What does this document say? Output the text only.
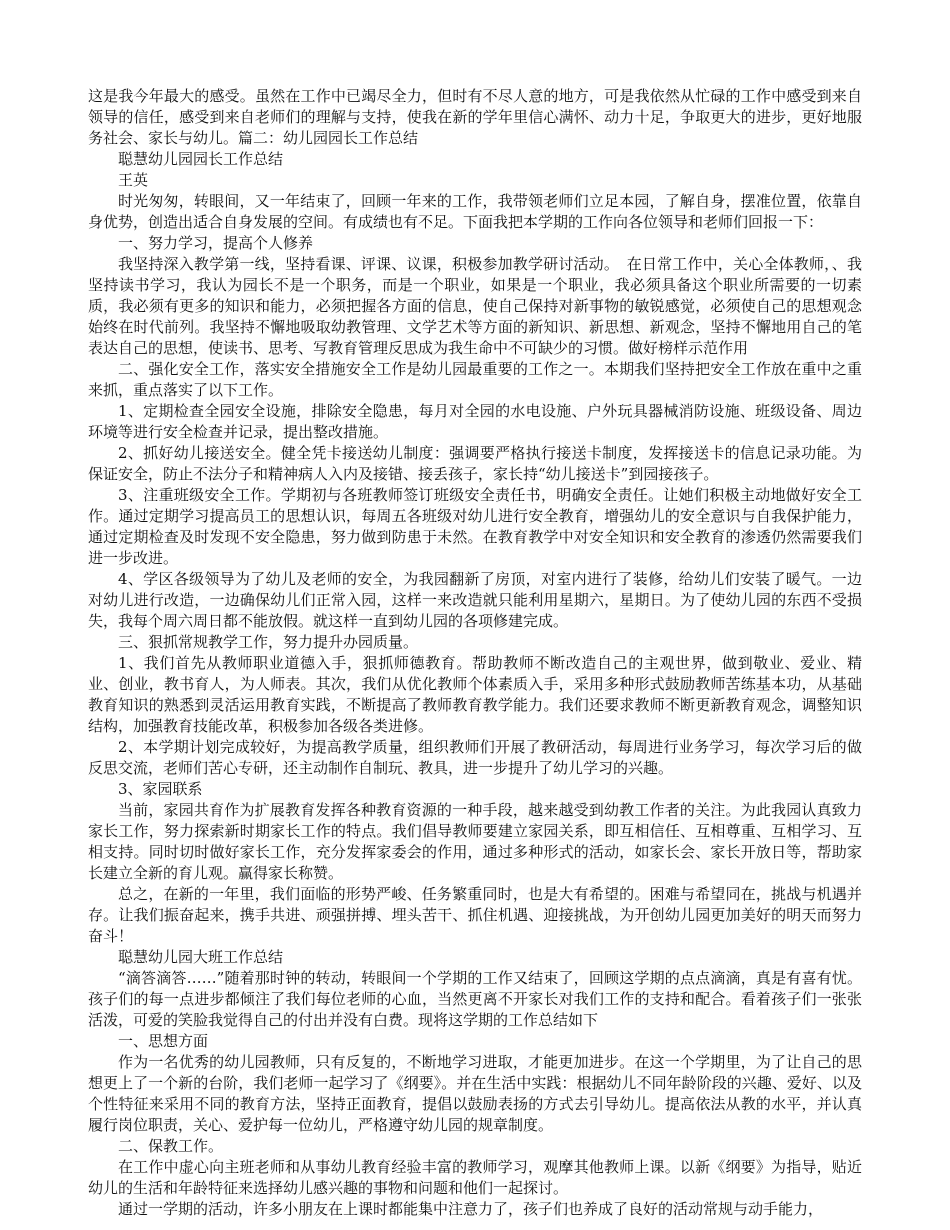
这是我今年最大的感受。虽然在工作中已竭尽全力，但时有不尽人意的地方，可是我依然从忙碌的工作中感受到来自领导的信任，感受到来自老师们的理解与支持，使我在新的学年里信心满怀、动力十足，争取更大的进步，更好地服务社会、家长与幼儿。篇二：幼儿园园长工作总结

聪慧幼儿园园长工作总结

王英

时光匆匆，转眼间，又一年结束了，回顾一年来的工作，我带领老师们立足本园，了解自身，摆准位置，依靠自身优势，创造出适合自身发展的空间。有成绩也有不足。下面我把本学期的工作向各位领导和老师们回报一下：

一、努力学习，提高个人修养

我坚持深入教学第一线，坚持看课、评课、议课，积极参加教学研讨活动。　在日常工作中，关心全体教师，、我坚持读书学习，我认为园长不是一个职务，而是一个职业，如果是一个职业，我必须具备这个职业所需要的一切素质，我必须有更多的知识和能力，必须把握各方面的信息，使自己保持对新事物的敏锐感觉，必须使自己的思想观念始终在时代前列。我坚持不懈地吸取幼教管理、文学艺术等方面的新知识、新思想、新观念，坚持不懈地用自己的笔表达自己的思想，使读书、思考、写教育管理反思成为我生命中不可缺少的习惯。做好榜样示范作用

二、强化安全工作，落实安全措施安全工作是幼儿园最重要的工作之一。本期我们坚持把安全工作放在重中之重来抓，重点落实了以下工作。

1、定期检查全园安全设施，排除安全隐患，每月对全园的水电设施、户外玩具器械消防设施、班级设备、周边环境等进行安全检查并记录，提出整改措施。

2、抓好幼儿接送安全。健全凭卡接送幼儿制度：强调要严格执行接送卡制度，发挥接送卡的信息记录功能。为保证安全，防止不法分子和精神病人入内及接错、接丢孩子，家长持“幼儿接送卡”到园接孩子。

3、注重班级安全工作。学期初与各班教师签订班级安全责任书，明确安全责任。让她们积极主动地做好安全工作。通过定期学习提高员工的思想认识，每周五各班级对幼儿进行安全教育，增强幼儿的安全意识与自我保护能力，通过定期检查及时发现不安全隐患，努力做到防患于未然。在教育教学中对安全知识和安全教育的渗透仍然需要我们进一步改进。

4、学区各级领导为了幼儿及老师的安全，为我园翻新了房顶，对室内进行了装修，给幼儿们安装了暖气。一边对幼儿进行改造，一边确保幼儿们正常入园，这样一来改造就只能利用星期六，星期日。为了使幼儿园的东西不受损失，我每个周六周日都不能放假。就这样一直到幼儿园的各项修建完成。

三、狠抓常规教学工作，努力提升办园质量。

1、我们首先从教师职业道德入手，狠抓师德教育。帮助教师不断改造自己的主观世界，做到敬业、爱业、精业、创业，教书育人，为人师表。其次，我们从优化教师个体素质入手，采用多种形式鼓励教师苦练基本功，从基础教育知识的熟悉到灵活运用教育实践，不断提高了教师教育教学能力。我们还要求教师不断更新教育观念，调整知识结构，加强教育技能改革，积极参加各级各类进修。

2、本学期计划完成较好，为提高教学质量，组织教师们开展了教研活动，每周进行业务学习，每次学习后的做反思交流，老师们苦心专研，还主动制作自制玩、教具，进一步提升了幼儿学习的兴趣。

3、家园联系

当前，家园共育作为扩展教育发挥各种教育资源的一种手段，越来越受到幼教工作者的关注。为此我园认真致力家长工作，努力探索新时期家长工作的特点。我们倡导教师要建立家园关系，即互相信任、互相尊重、互相学习、互相支持。同时切时做好家长工作，充分发挥家委会的作用，通过多种形式的活动，如家长会、家长开放日等，帮助家长建立全新的育儿观。赢得家长称赞。

总之，在新的一年里，我们面临的形势严峻、任务繁重同时，也是大有希望的。困难与希望同在，挑战与机遇并存。让我们振奋起来，携手共进、顽强拼搏、埋头苦干、抓住机遇、迎接挑战，为开创幼儿园更加美好的明天而努力奋斗！

聪慧幼儿园大班工作总结

“滴答滴答……”随着那时钟的转动，转眼间一个学期的工作又结束了，回顾这学期的点点滴滴，真是有喜有忧。孩子们的每一点进步都倾注了我们每位老师的心血，当然更离不开家长对我们工作的支持和配合。看着孩子们一张张活泼，可爱的笑脸我觉得自己的付出并没有白费。现将这学期的工作总结如下

一、思想方面

作为一名优秀的幼儿园教师，只有反复的，不断地学习进取，才能更加进步。在这一个学期里，为了让自己的思想更上了一个新的台阶，我们老师一起学习了《纲要》。并在生活中实践：根据幼儿不同年龄阶段的兴趣、爱好、以及个性特征来采用不同的教育方法，坚持正面教育，提倡以鼓励表扬的方式去引导幼儿。提高依法从教的水平，并认真履行岗位职责，关心、爱护每一位幼儿，严格遵守幼儿园的规章制度。

二、保教工作。

在工作中虚心向主班老师和从事幼儿教育经验丰富的教师学习，观摩其他教师上课。以新《纲要》为指导，贴近幼儿的生活和年龄特征来选择幼儿感兴趣的事物和问题和他们一起探讨。

通过一学期的活动，许多小朋友在上课时都能集中注意力了，孩子们也养成了良好的活动常规与动手能力，
